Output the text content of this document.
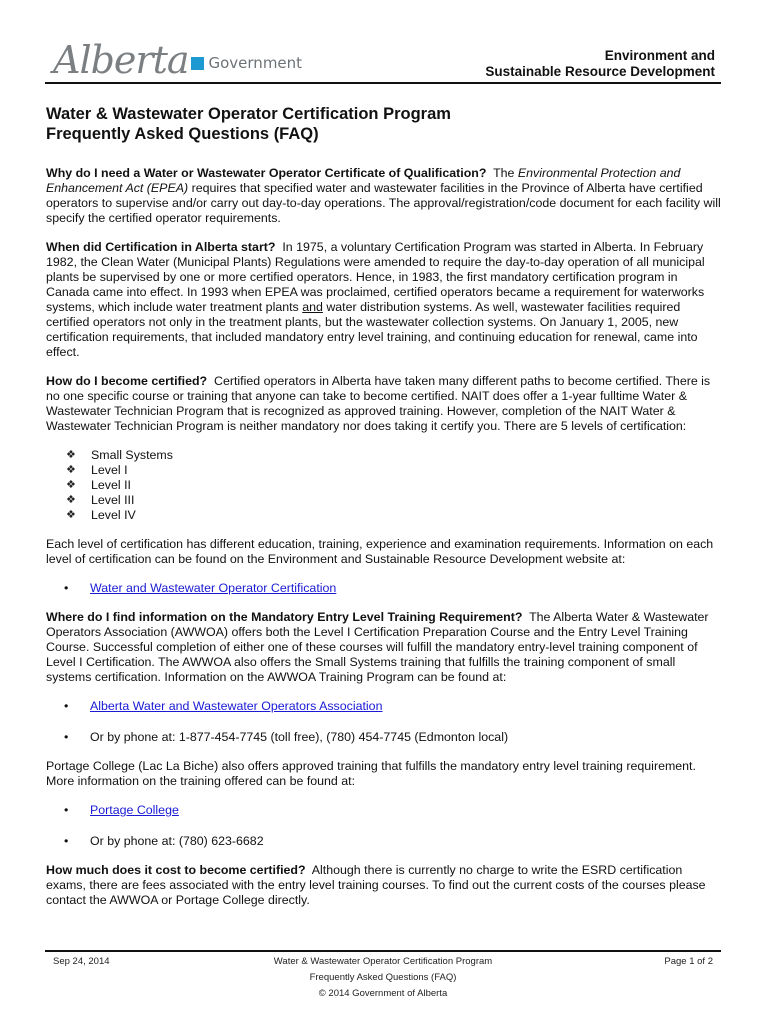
Alberta Government	Environment and
Sustainable Resource Development
Water & Wastewater Operator Certification Program
Frequently Asked Questions (FAQ)

Why do I need a Water or Wastewater Operator Certificate of Qualification? The Environmental Protection and Enhancement Act (EPEA) requires that specified water and wastewater facilities in the Province of Alberta have certified operators to supervise and/or carry out day-to-day operations. The approval/registration/code document for each facility will specify the certified operator requirements.

When did Certification in Alberta start? In 1975, a voluntary Certification Program was started in Alberta. In February 1982, the Clean Water (Municipal Plants) Regulations were amended to require the day-to-day operation of all municipal plants be supervised by one or more certified operators. Hence, in 1983, the first mandatory certification program in Canada came into effect. In 1993 when EPEA was proclaimed, certified operators became a requirement for waterworks systems, which include water treatment plants and water distribution systems. As well, wastewater facilities required certified operators not only in the treatment plants, but the wastewater collection systems. On January 1, 2005, new certification requirements, that included mandatory entry level training, and continuing education for renewal, came into effect.

How do I become certified? Certified operators in Alberta have taken many different paths to become certified. There is no one specific course or training that anyone can take to become certified. NAIT does offer a 1-year fulltime Water & Wastewater Technician Program that is recognized as approved training. However, completion of the NAIT Water & Wastewater Technician Program is neither mandatory nor does taking it certify you. There are 5 levels of certification:

❖	Small Systems
❖	Level I
❖	Level II
❖	Level III
❖	Level IV

Each level of certification has different education, training, experience and examination requirements. Information on each level of certification can be found on the Environment and Sustainable Resource Development website at:

•	Water and Wastewater Operator Certification

Where do I find information on the Mandatory Entry Level Training Requirement? The Alberta Water & Wastewater Operators Association (AWWOA) offers both the Level I Certification Preparation Course and the Entry Level Training Course. Successful completion of either one of these courses will fulfill the mandatory entry-level training component of Level I Certification. The AWWOA also offers the Small Systems training that fulfills the training component of small systems certification. Information on the AWWOA Training Program can be found at:

•	Alberta Water and Wastewater Operators Association
•	Or by phone at: 1-877-454-7745 (toll free), (780) 454-7745 (Edmonton local)

Portage College (Lac La Biche) also offers approved training that fulfills the mandatory entry level training requirement. More information on the training offered can be found at:

•	Portage College
•	Or by phone at: (780) 623-6682

How much does it cost to become certified? Although there is currently no charge to write the ESRD certification exams, there are fees associated with the entry level training courses. To find out the current costs of the courses please contact the AWWOA or Portage College directly.

Sep 24, 2014	Page 1 of 2
Water & Wastewater Operator Certification Program
Frequently Asked Questions (FAQ)
© 2014 Government of Alberta
